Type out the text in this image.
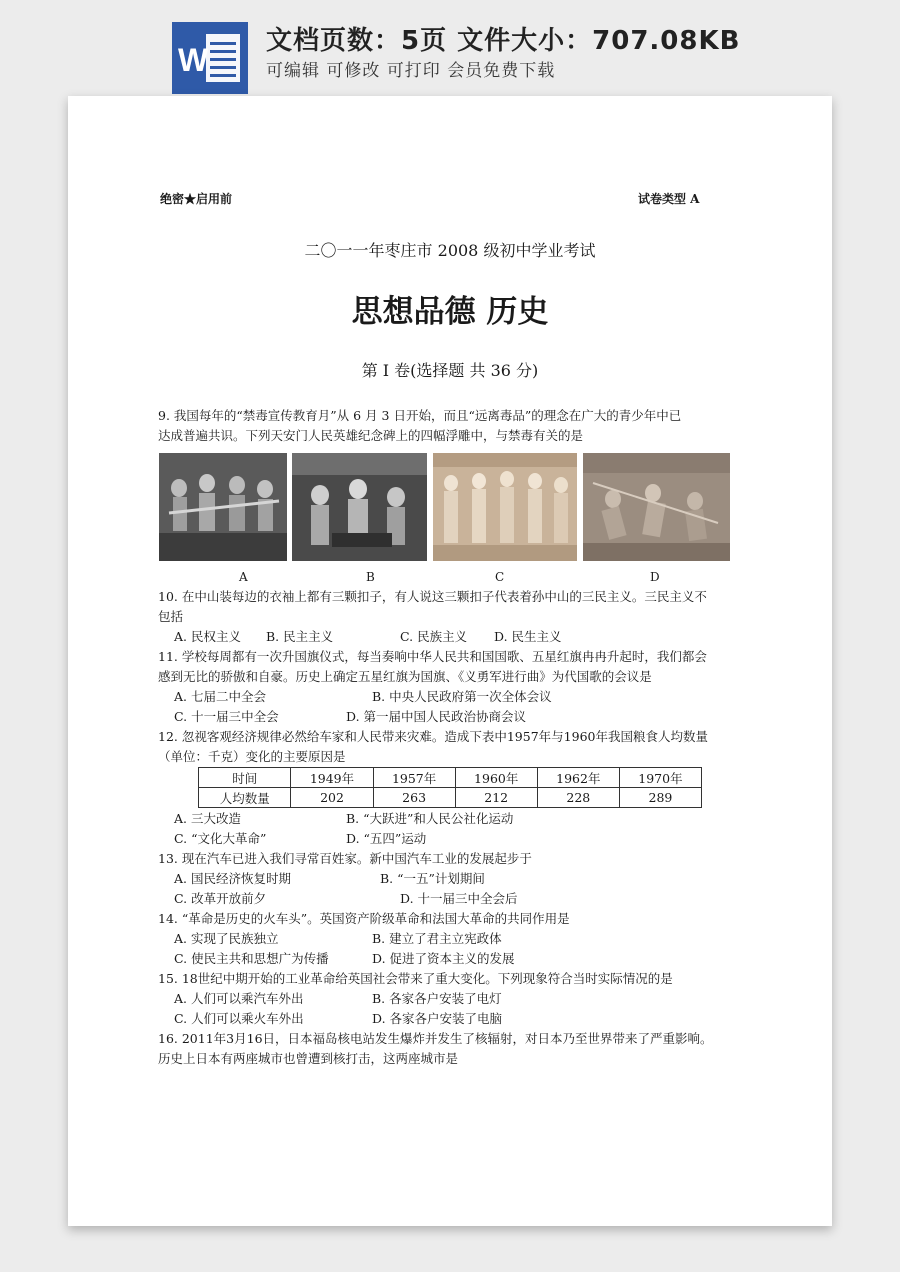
W
文档页数：5页 文件大小：707.08KB
可编辑 可修改 可打印 会员免费下载
绝密★启用前	试卷类型 A
二〇一一年枣庄市 2008 级初中学业考试
思想品德 历史
第 I 卷(选择题 共 36 分)
9. 我国每年的“禁毒宣传教育月”从 6 月 3 日开始，而且“远离毒品”的理念在广大的青少年中已
达成普遍共识。下列天安门人民英雄纪念碑上的四幅浮雕中，与禁毒有关的是
A	B	C	D
10. 在中山装每边的衣袖上都有三颗扣子，有人说这三颗扣子代表着孙中山的三民主义。三民主义不
包括
A. 民权主义 B. 民主主义	C. 民族主义 D. 民生主义
11. 学校每周都有一次升国旗仪式，每当奏响中华人民共和国国歌、五星红旗冉冉升起时，我们都会
感到无比的骄傲和自豪。历史上确定五星红旗为国旗、《义勇军进行曲》为代国歌的会议是
A. 七届二中全会	B. 中央人民政府第一次全体会议
C. 十一届三中全会	D. 第一届中国人民政治协商会议
12. 忽视客观经济规律必然给车家和人民带来灾难。造成下表中1957年与1960年我国粮食人均数量
（单位：千克）变化的主要原因是
时间	1949年	1957年	1960年	1962年	1970年
人均数量	202	263	212	228	289
A. 三大改造	B. “大跃进”和人民公社化运动
C. “文化大革命”	D. “五四”运动
13. 现在汽车已进入我们寻常百姓家。新中国汽车工业的发展起步于
A. 国民经济恢复时期	B. “一五”计划期间
C. 改革开放前夕	D. 十一届三中全会后
14. “革命是历史的火车头”。英国资产阶级革命和法国大革命的共同作用是
A. 实现了民族独立	B. 建立了君主立宪政体
C. 使民主共和思想广为传播	D. 促进了资本主义的发展
15. 18世纪中期开始的工业革命给英国社会带来了重大变化。下列现象符合当时实际情况的是
A. 人们可以乘汽车外出	B. 各家各户安装了电灯
C. 人们可以乘火车外出	D. 各家各户安装了电脑
16. 2011年3月16日，日本福岛核电站发生爆炸并发生了核辐射，对日本乃至世界带来了严重影响。
历史上日本有两座城市也曾遭到核打击，这两座城市是
